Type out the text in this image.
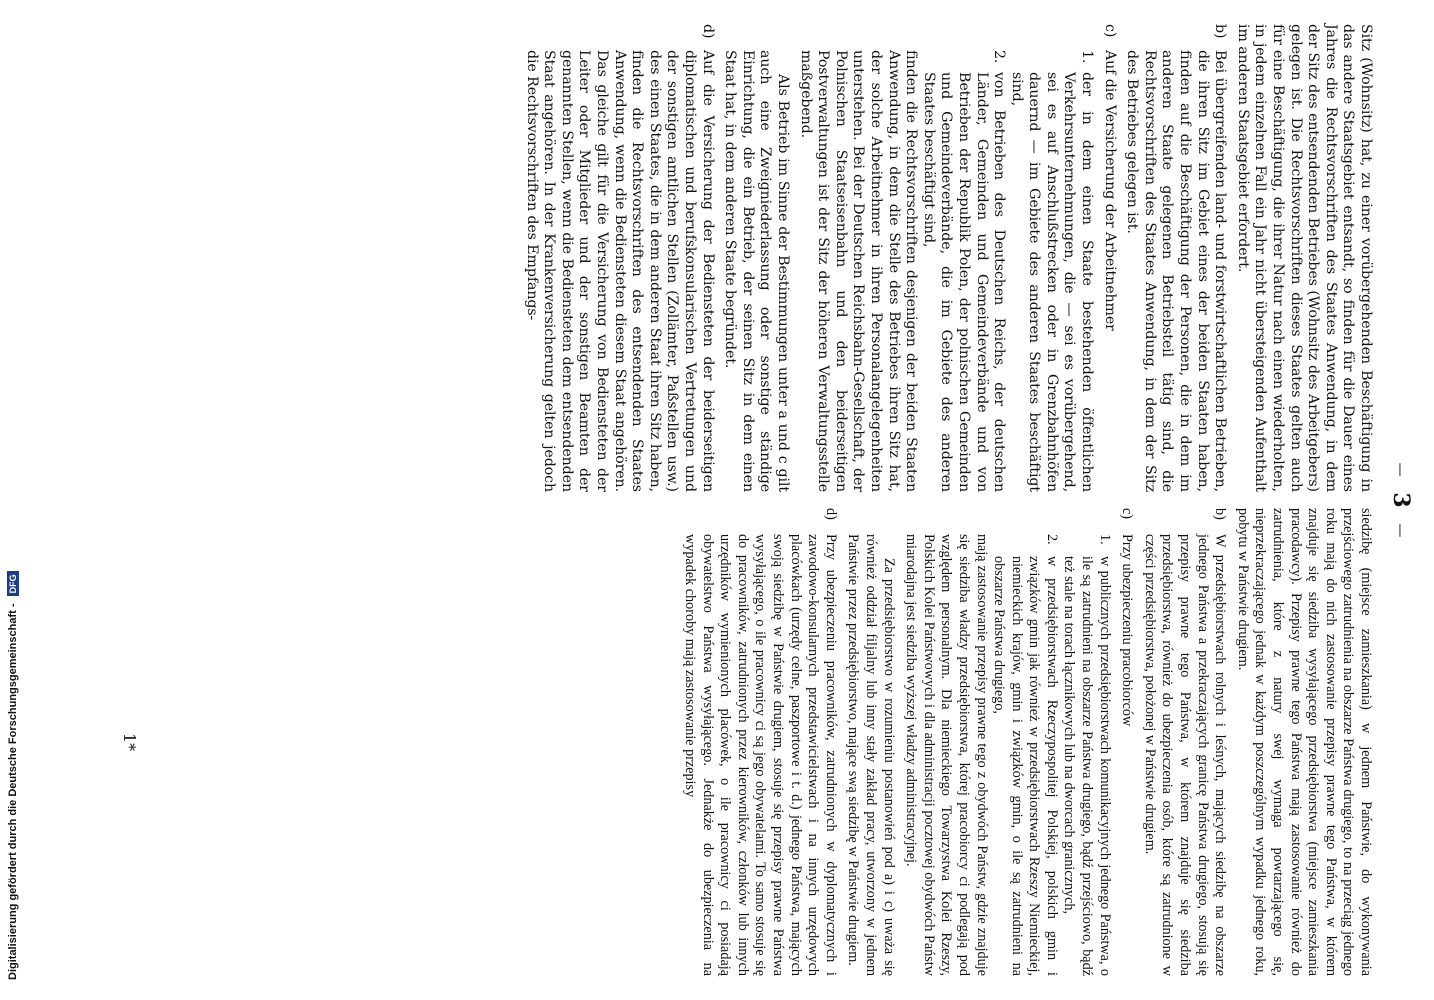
— 3 —

Sitz (Wohnsitz) hat, zu einer vorübergehenden Beschäftigung in das andere Staatsgebiet entsandt, so finden für die Dauer eines Jahres die Rechtsvorschriften des Staates Anwendung, in dem der Sitz des entsendenden Betriebes (Wohnsitz des Arbeitgebers) gelegen ist. Die Rechtsvorschriften dieses Staates gelten auch für eine Beschäftigung, die ihrer Natur nach einen wiederholten, in jedem einzelnen Fall ein Jahr nicht übersteigenden Aufenthalt im anderen Staatsgebiet erfordert.

b)
Bei übergreifenden land- und forstwirtschaftlichen Betrieben, die ihren Sitz im Gebiet eines der beiden Staaten haben, finden auf die Beschäftigung der Personen, die in dem im anderen Staate gelegenen Betriebsteil tätig sind, die Rechtsvorschriften des Staates Anwendung, in dem der Sitz des Betriebes gelegen ist.
c)
Auf die Versicherung der Arbeitnehmer
1.
der in dem einen Staate bestehenden öffentlichen Verkehrsunternehmungen, die — sei es vorübergehend, sei es auf Anschlußstrecken oder in Grenzbahnhöfen dauernd — im Gebiete des anderen Staates beschäftigt sind,
2.
von Betrieben des Deutschen Reichs, der deutschen Länder, Gemeinden und Gemeindeverbände und von Betrieben der Republik Polen, der polnischen Gemeinden und Gemeindeverbände, die im Gebiete des anderen Staates beschäftigt sind,

finden die Rechtsvorschriften desjenigen der beiden Staaten Anwendung, in dem die Stelle des Betriebes ihren Sitz hat, der solche Arbeitnehmer in ihren Personalangelegenheiten unterstehen. Bei der Deutschen Reichsbahn-Gesellschaft, der Polnischen Staatseisenbahn und den beiderseitigen Postverwaltungen ist der Sitz der höheren Verwaltungsstelle maßgebend.

Als Betrieb im Sinne der Bestimmungen unter a und c gilt auch eine Zweigniederlassung oder sonstige ständige Einrichtung, die ein Betrieb, der seinen Sitz in dem einen Staat hat, in dem anderen Staate begründet.

d)
Auf die Versicherung der Bediensteten der beiderseitigen diplomatischen und berufskonsularischen Vertretungen und der sonstigen amtlichen Stellen (Zollämter, Paßstellen usw.) des einen Staates, die in dem anderen Staat ihren Sitz haben, finden die Rechtsvorschriften des entsendenden Staates Anwendung, wenn die Bediensteten diesem Staat angehören. Das gleiche gilt für die Versicherung von Bediensteten der Leiter oder Mitglieder und der sonstigen Beamten der genannten Stellen, wenn die Bediensteten dem entsendenden Staat angehören. In der Krankenversicherung gelten jedoch die Rechtsvorschriften des Empfangs-

siedzibę (miejsce zamieszkania) w jednem Państwie, do wykonywania przejściowego zatrudnienia na obszarze Państwa drugiego, to na przeciąg jednego roku mają do nich zastosowanie przepisy prawne tego Państwa, w którem znajduje się siedziba wysyłającego przedsiębiorstwa (miejsce zamieszkania pracodawcy). Przepisy prawne tego Państwa mają zastosowanie również do zatrudnienia, które z natury swej wymaga powtarzającego się, nieprzekraczającego jednak w każdym poszczególnym wypadku jednego roku, pobytu w Państwie drugiem.

b)
W przedsiębiorstwach rolnych i leśnych, mających siedzibę na obszarze jednego Państwa a przekraczających granicę Państwa drugiego, stosują się przepisy prawne tego Państwa, w którem znajduje się siedziba przedsiębiorstwa, również do ubezpieczenia osób, które są zatrudnione w części przedsiębiorstwa, położonej w Państwie drugiem.
c)
Przy ubezpieczeniu pracobiorców
1.
w publicznych przedsiębiorstwach komunikacyjnych jednego Państwa, o ile są zatrudnieni na obszarze Państwa drugiego, bądź przejściowo, bądź też stale na torach łącznikowych lub na dworcach granicznych,
2.
w przedsiębiorstwach Rzeczypospolitej Polskiej, polskich gmin i związków gmin jak również w przedsiębiorstwach Rzeszy Niemieckiej, niemieckich krajów, gmin i związków gmin, o ile są zatrudnieni na obszarze Państwa drugiego,

mają zastosowanie przepisy prawne tego z obydwóch Państw, gdzie znajduje się siedziba władzy przedsiębiorstwa, której pracobiorcy ci podlegają pod względem personalnym. Dla niemieckiego Towarzystwa Kolei Rzeszy, Polskich Kolei Państwowych i dla administracji pocztowej obydwóch Państw miarodajna jest siedziba wyższej władzy administracyjnej.

Za przedsiębiorstwo w rozumieniu postanowień pod a) i c) uważa się również oddział filjalny lub inny stały zakład pracy, utworzony w jednem Państwie przez przedsiębiorstwo, mające swą siedzibę w Państwie drugiem.

d)
Przy ubezpieczeniu pracowników, zatrudnionych w dyplomatycznych i zawodowo-konsularnych przedstawicielstwach i na innych urzędowych placówkach (urzędy celne, paszportowe i t. d.) jednego Państwa, mających swoją siedzibę w Państwie drugiem, stosuje się przepisy prawne Państwa wysyłającego, o ile pracownicy ci są jego obywatelami. To samo stosuje się do pracowników, zatrudnionych przez kierowników, członków lub innych urzędników wymienionych placówek, o ile pracownicy ci posiadają obywatelstwo Państwa wysyłającego. Jednakże do ubezpieczenia na wypadek choroby mają zastosowanie przepisy
1*
Digitalisierung gefördert durch die Deutsche Forschungsgemeinschaft - DFG
